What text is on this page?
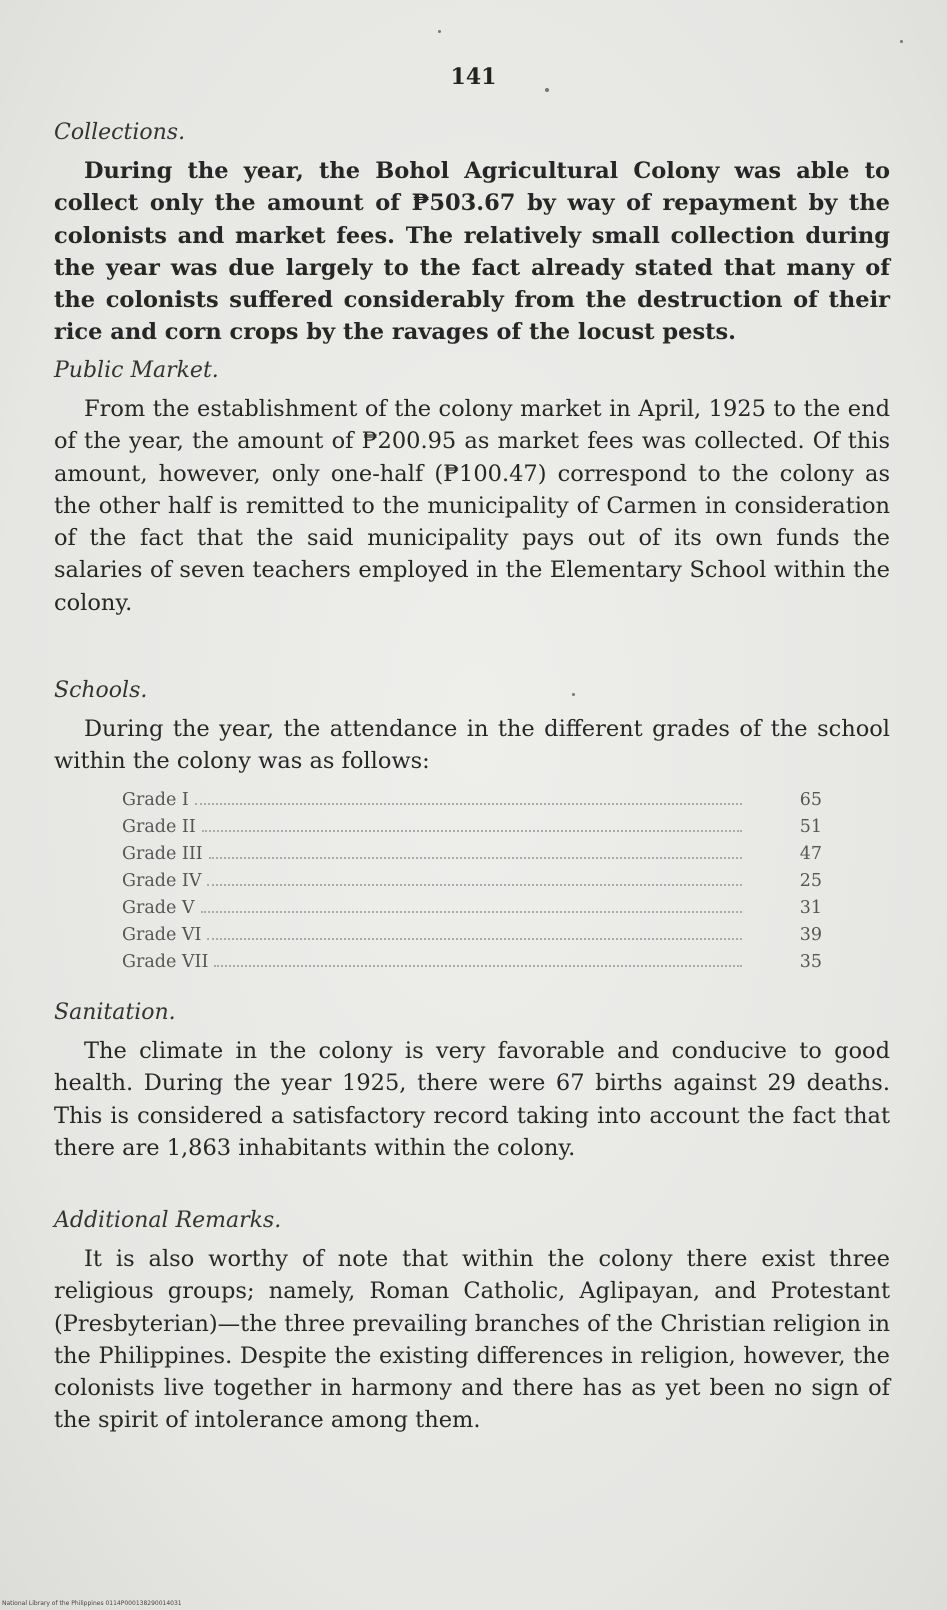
141
Collections.
During the year, the Bohol Agricultural Colony was able to collect only the amount of ₱503.67 by way of repayment by the colonists and market fees. The relatively small collection during the year was due largely to the fact already stated that many of the colonists suffered considerably from the destruction of their rice and corn crops by the ravages of the locust pests.
Public Market.
From the establishment of the colony market in April, 1925 to the end of the year, the amount of ₱200.95 as market fees was collected. Of this amount, however, only one-half (₱100.47) correspond to the colony as the other half is remitted to the municipality of Carmen in consideration of the fact that the said municipality pays out of its own funds the salaries of seven teachers employed in the Elementary School within the colony.
Schools.
During the year, the attendance in the different grades of the school within the colony was as follows:
Grade I	65
Grade II	51
Grade III	47
Grade IV	25
Grade V	31
Grade VI	39
Grade VII	35
Sanitation.
The climate in the colony is very favorable and conducive to good health. During the year 1925, there were 67 births against 29 deaths. This is considered a satisfactory record taking into account the fact that there are 1,863 inhabitants within the colony.
Additional Remarks.
It is also worthy of note that within the colony there exist three religious groups; namely, Roman Catholic, Aglipayan, and Protestant (Presbyterian)—the three prevailing branches of the Christian religion in the Philippines. Despite the existing differences in religion, however, the colonists live together in harmony and there has as yet been no sign of the spirit of intolerance among them.
National Library of the Philippines 0114P000138290014031
